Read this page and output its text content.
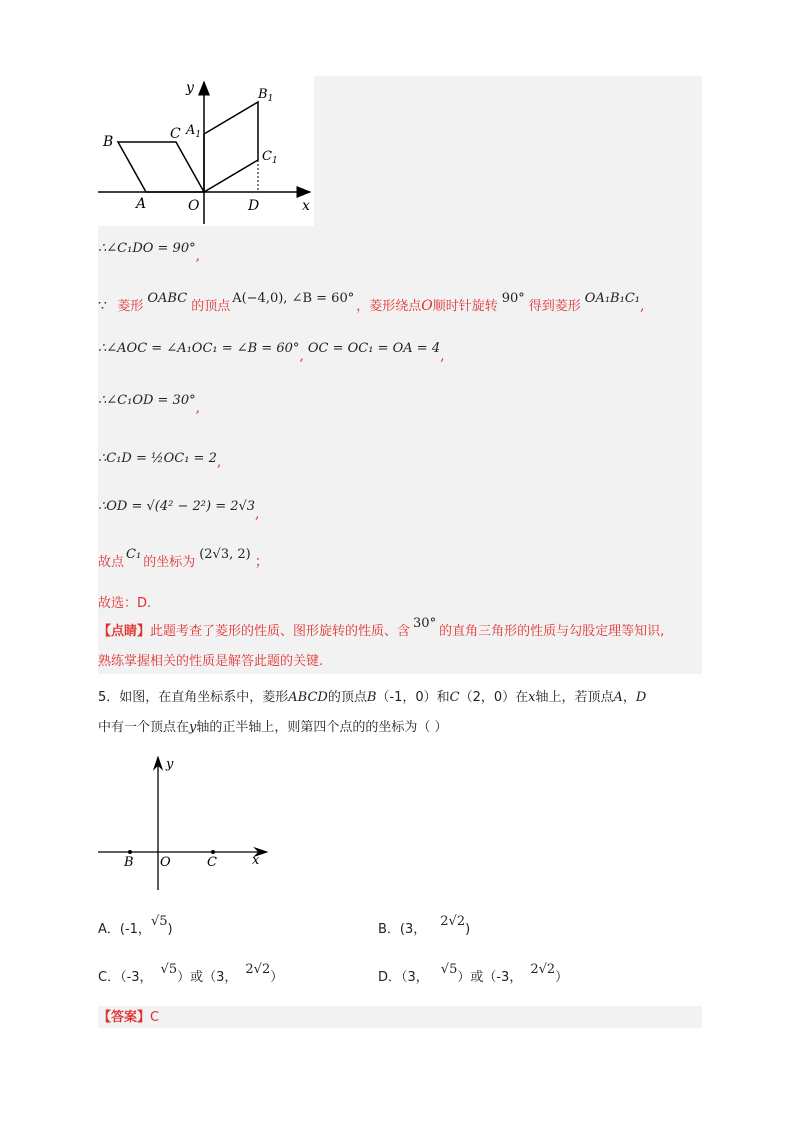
y
x
B	C
A	O	D
$A_1$
$B_1$
$C_1$
∴∠C₁DO = 90°,
∵ 菱形OABC的顶点A(−4,0), ∠B = 60°，菱形绕点O顺时针旋转90°得到菱形OA₁B₁C₁,
∴∠AOC = ∠A₁OC₁ = ∠B = 60°, OC = OC₁ = OA = 4,
∴∠C₁OD = 30°,
∴C₁D = ½OC₁ = 2,
∴OD = √(4² − 2²) = 2√3,
故点C₁的坐标为(2√3, 2) ；
故选：D.
【点睛】此题考查了菱形的性质、图形旋转的性质、含30°的直角三角形的性质与勾股定理等知识,
熟练掌握相关的性质是解答此题的关键.
5．如图，在直角坐标系中，菱形ABCD的顶点B（-1，0）和C（2，0）在x轴上，若顶点A，D
中有一个顶点在y轴的正半轴上，则第四个点的的坐标为（ ）
y
x
B O	C
A．(-1，√5)	B．(3，2√2)
C．（-3，√5）或（3，2√2）	D．（3，√5）或（-3，2√2）
【答案】C
